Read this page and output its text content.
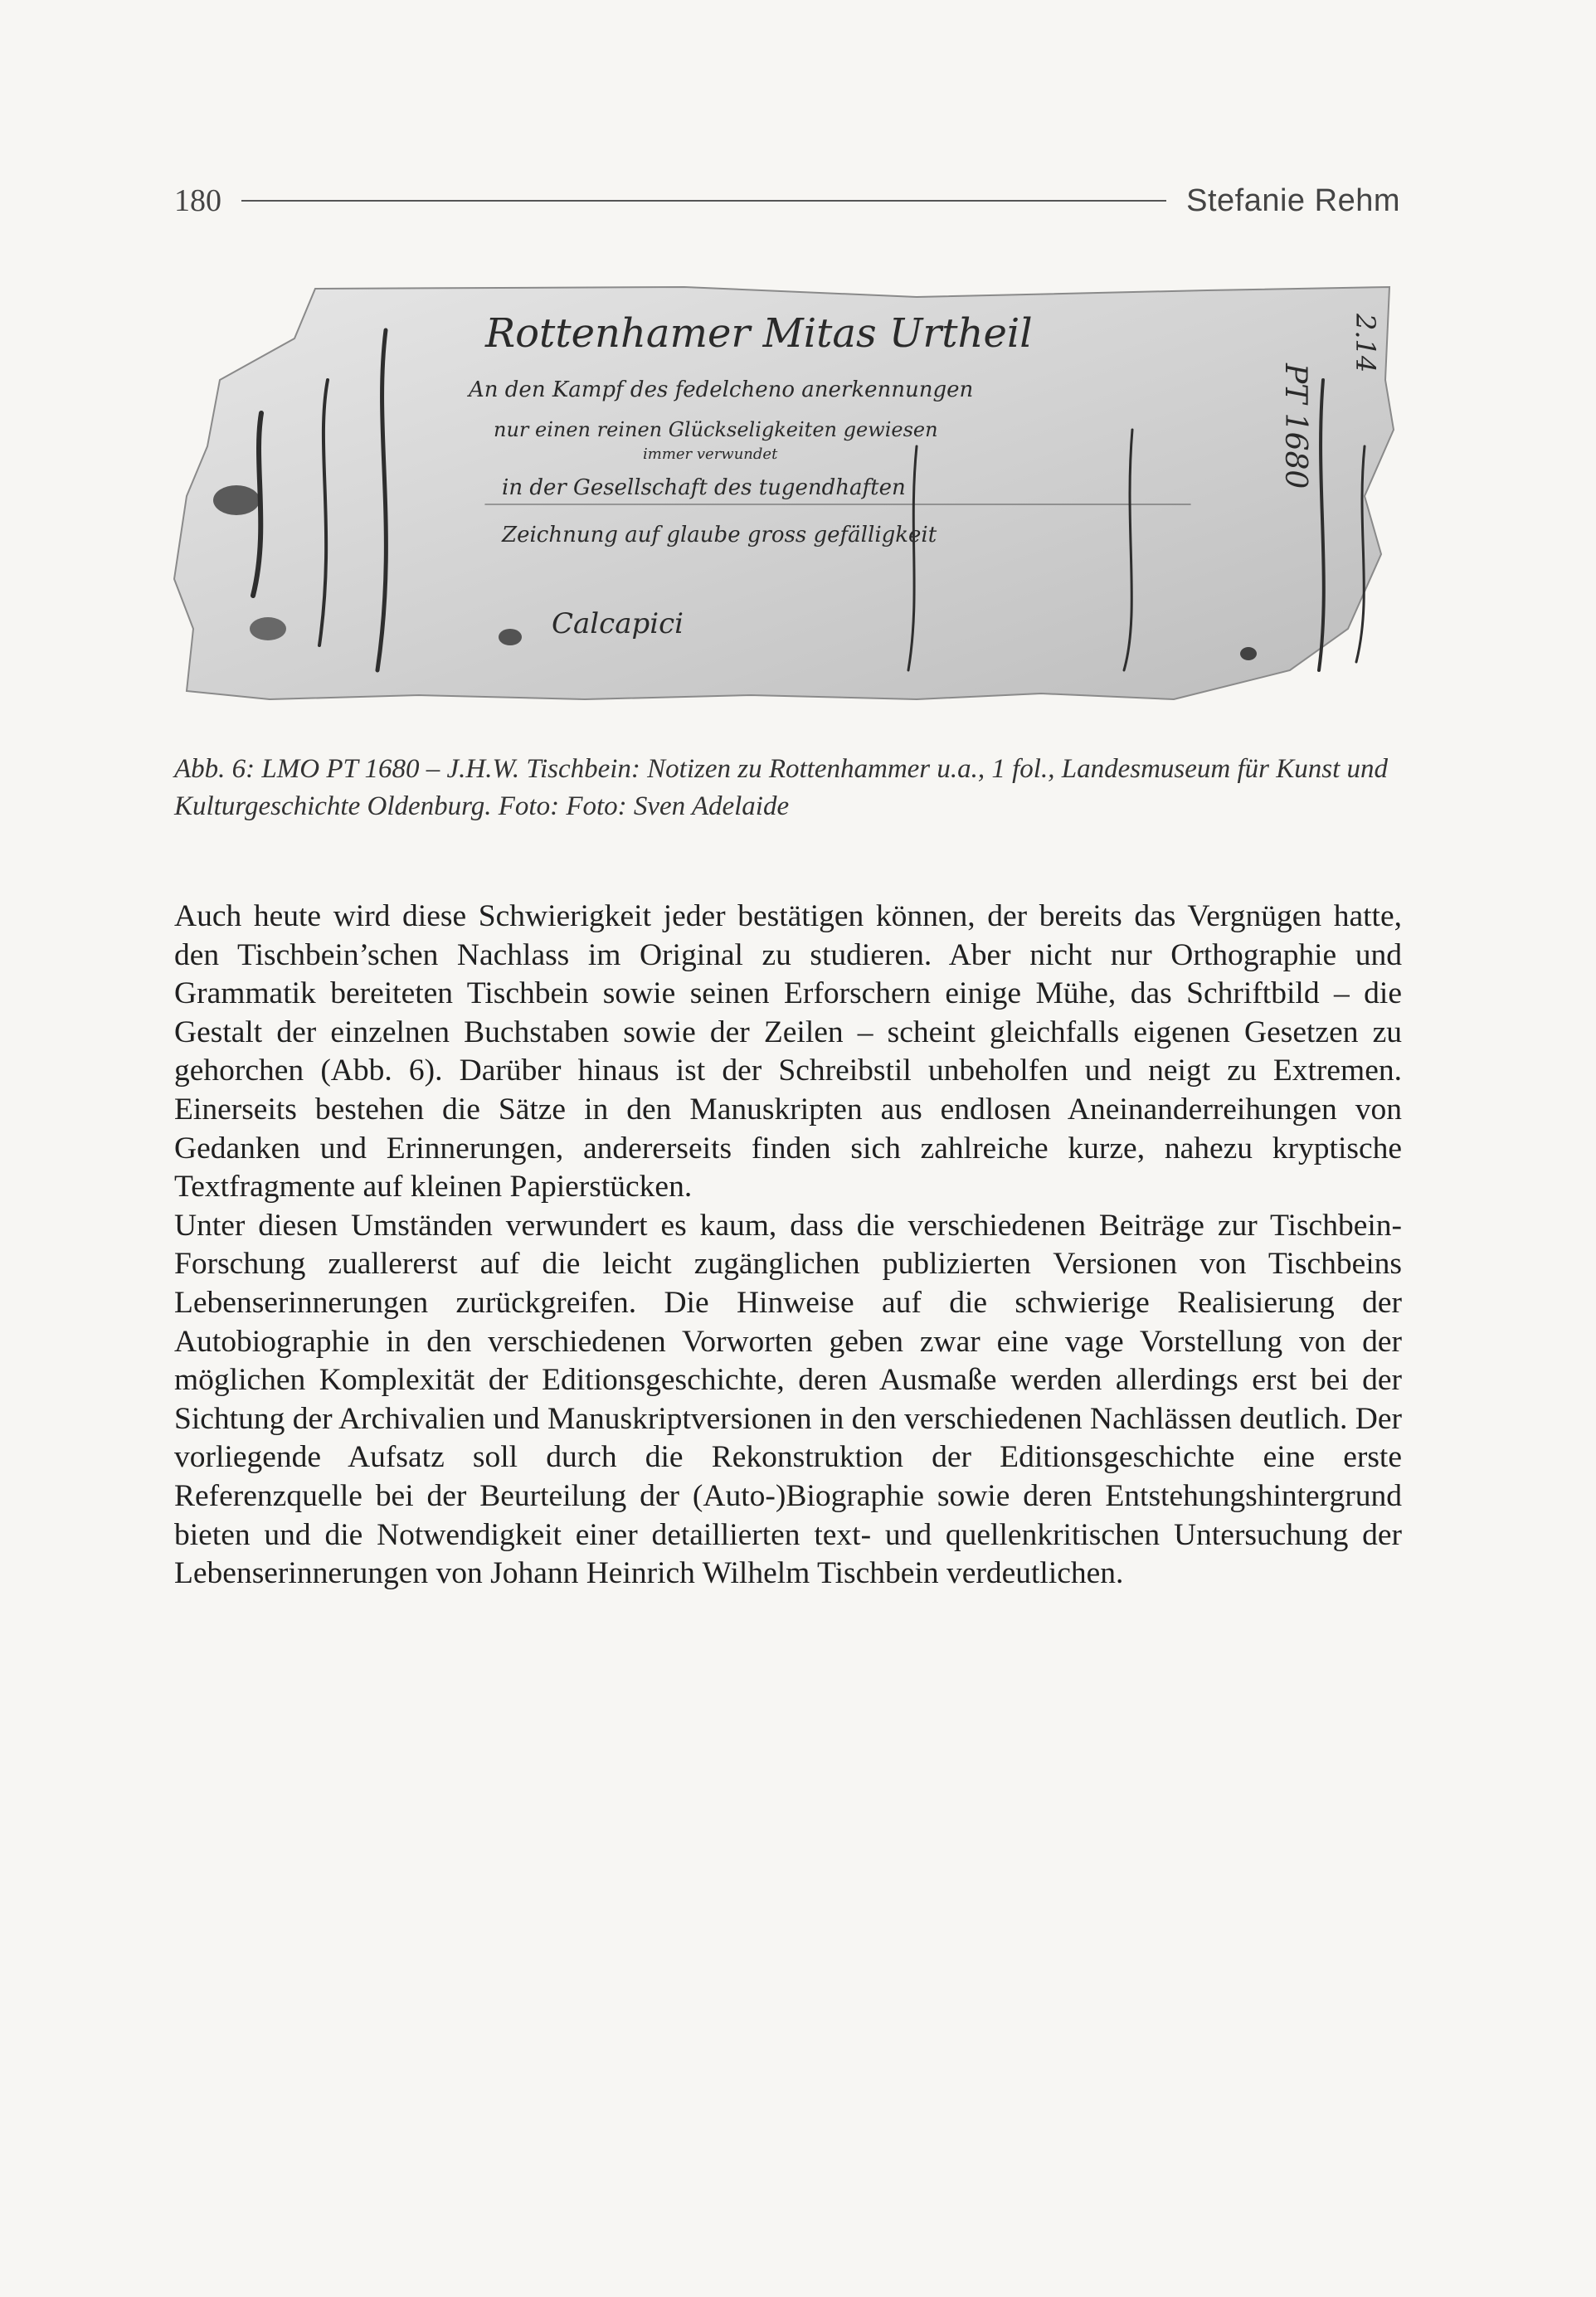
180	Stefanie Rehm
Rottenhamer Mitas Urtheil
An den Kampf des fedelcheno anerkennungen
nur einen reinen Glückseligkeiten gewiesen
immer verwundet
in der Gesellschaft des tugendhaften
Zeichnung auf glaube gross gefälligkeit
Calcapici
PT 1680
2.14
Abb. 6: LMO PT 1680 – J.H.W. Tischbein: Notizen zu Rottenhammer u.a., 1 fol., Landesmuseum für Kunst und Kulturgeschichte Oldenburg. Foto: Foto: Sven Adelaide

Auch heute wird diese Schwierigkeit jeder bestätigen können, der bereits das Vergnügen hatte, den Tischbein’schen Nachlass im Original zu studieren. Aber nicht nur Orthographie und Grammatik bereiteten Tischbein sowie seinen Erforschern einige Mühe, das Schriftbild – die Gestalt der einzelnen Buchstaben sowie der Zeilen – scheint gleichfalls eigenen Gesetzen zu gehorchen (Abb. 6). Darüber hinaus ist der Schreibstil unbeholfen und neigt zu Extremen. Einerseits bestehen die Sätze in den Manuskripten aus endlosen Aneinanderreihungen von Gedanken und Erinnerungen, andererseits finden sich zahlreiche kurze, nahezu kryptische Textfragmente auf kleinen Papierstücken.

Unter diesen Umständen verwundert es kaum, dass die verschiedenen Beiträge zur Tischbein-Forschung zuallererst auf die leicht zugänglichen publizierten Versionen von Tischbeins Lebenserinnerungen zurückgreifen. Die Hinweise auf die schwierige Realisierung der Autobiographie in den verschiedenen Vorworten geben zwar eine vage Vorstellung von der möglichen Komplexität der Editionsgeschichte, deren Ausmaße werden allerdings erst bei der Sichtung der Archivalien und Manuskriptversionen in den verschiedenen Nachlässen deutlich. Der vorliegende Aufsatz soll durch die Rekonstruktion der Editionsgeschichte eine erste Referenzquelle bei der Beurteilung der (Auto-)Biographie sowie deren Entstehungshintergrund bieten und die Notwendigkeit einer detaillierten text- und quellenkritischen Untersuchung der Lebenserinnerungen von Johann Heinrich Wilhelm Tischbein verdeutlichen.
